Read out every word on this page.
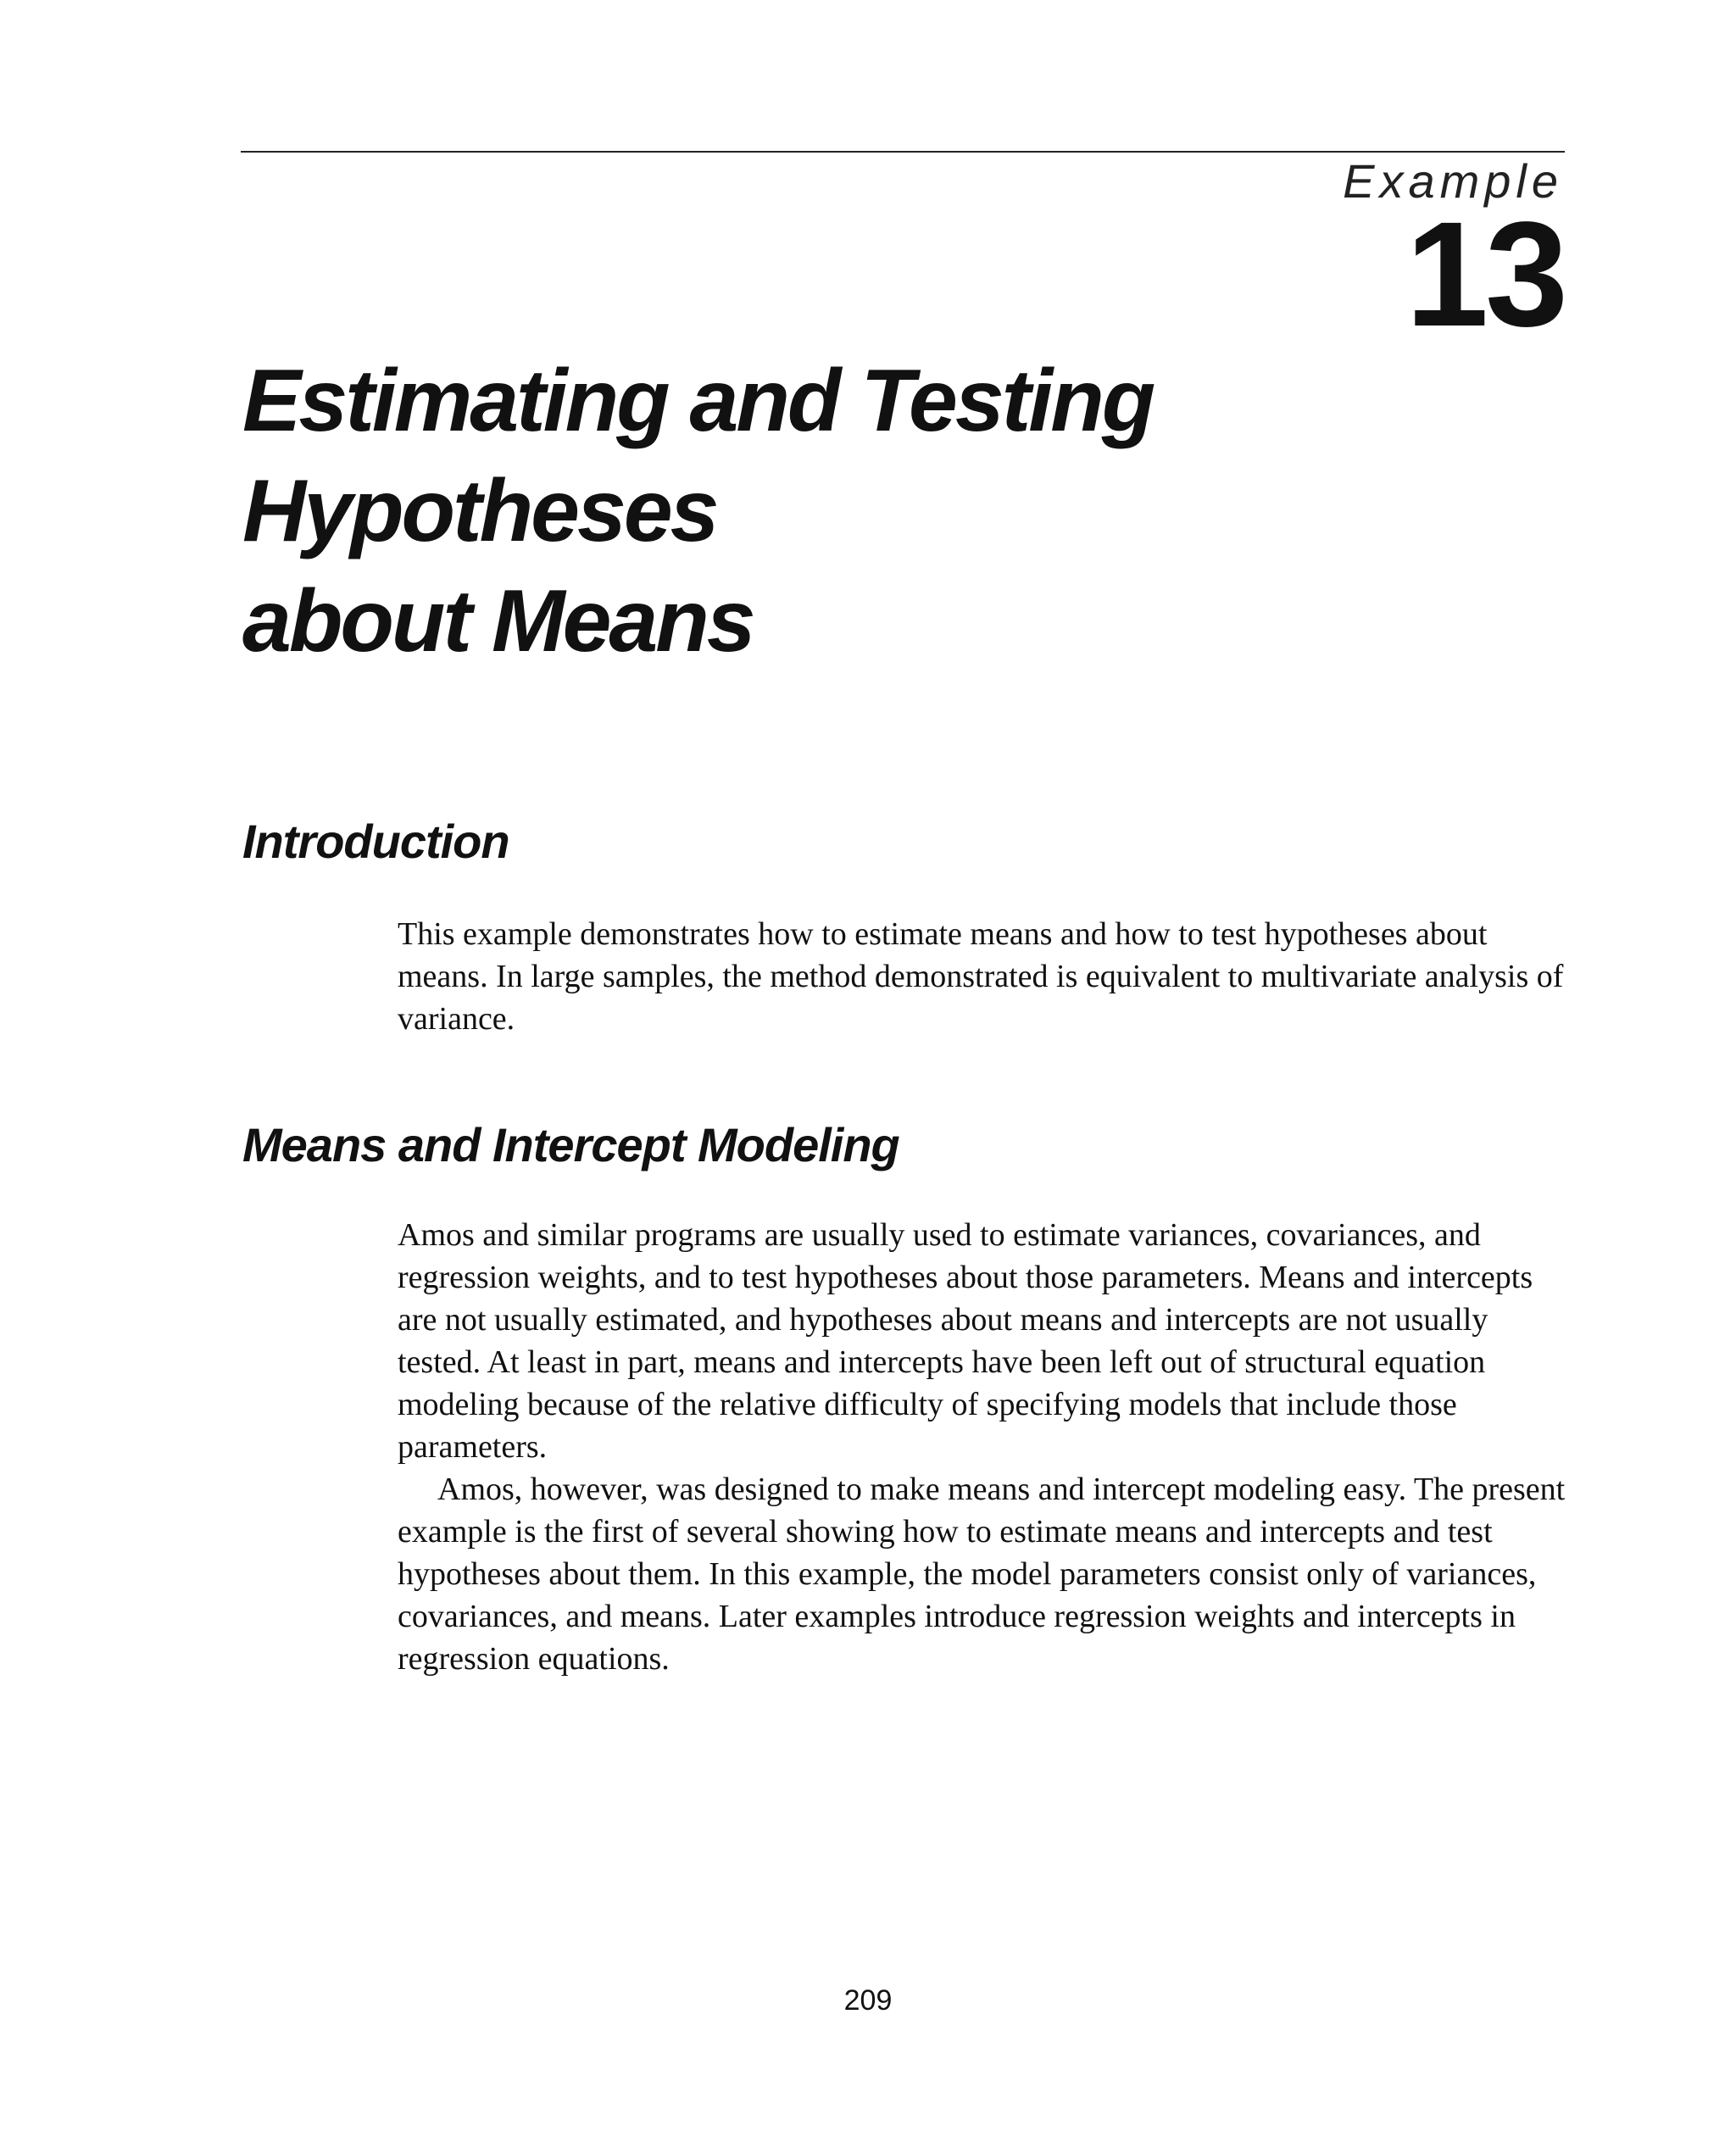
Example
13
Estimating and Testing Hypotheses
about Means
Introduction

This example demonstrates how to estimate means and how to test hypotheses about means. In large samples, the method demonstrated is equivalent to multivariate analysis of variance.

Means and Intercept Modeling

Amos and similar programs are usually used to estimate variances, covariances, and regression weights, and to test hypotheses about those parameters. Means and intercepts are not usually estimated, and hypotheses about means and intercepts are not usually tested. At least in part, means and intercepts have been left out of structural equation modeling because of the relative difficulty of specifying models that include those parameters.

Amos, however, was designed to make means and intercept modeling easy. The present example is the first of several showing how to estimate means and intercepts and test hypotheses about them. In this example, the model parameters consist only of variances, covariances, and means. Later examples introduce regression weights and intercepts in regression equations.

209
